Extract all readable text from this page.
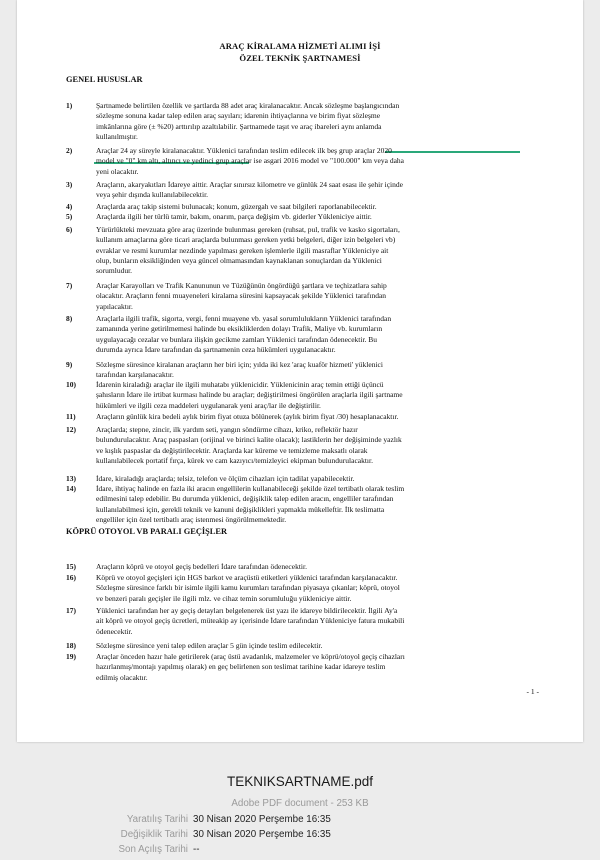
ARAÇ KİRALAMA HİZMETİ ALIMI İŞİ
ÖZEL TEKNİK ŞARTNAMESİ
GENEL HUSUSLAR
KÖPRÜ OTOYOL VB PARALI GEÇİŞLER
1)	Şartnamede belirtilen özellik ve şartlarda 88 adet araç kiralanacaktır. Ancak sözleşme başlangıcından
sözleşme sonuna kadar talep edilen araç sayıları; idarenin ihtiyaçlarına ve birim fiyat sözleşme
imkânlarına göre (± %20) arttırılıp azaltılabilir. Şartnamede taşıt ve araç ibareleri aynı anlamda
kullanılmıştır.
2)	Araçlar 24 ay süreyle kiralanacaktır. Yüklenici tarafından teslim edilecek ilk beş grup araçlar 2020
model ve "0" km altı, altıncı ve yedinci grup araçlar ise asgari 2016 model ve "100.000" km veya daha
yeni olacaktır.
3)	Araçların, akaryakıtları İdareye aittir. Araçlar sınırsız kilometre ve günlük 24 saat esası ile şehir içinde
veya şehir dışında kullanılabilecektir.
4)	Araçlarda araç takip sistemi bulunacak; konum, güzergah ve saat bilgileri raporlanabilecektir.
5)	Araçlarda ilgili her türlü tamir, bakım, onarım, parça değişim vb. giderler Yükleniciye aittir.
6)	Yürürlükteki mevzuata göre araç üzerinde bulunması gereken (ruhsat, pul, trafik ve kasko sigortaları,
kullanım amaçlarına göre ticari araçlarda bulunması gereken yetki belgeleri, diğer izin belgeleri vb)
evraklar ve resmi kurumlar nezdinde yapılması gereken işlemlerle ilgili masraflar Yükleniciye ait
olup, bunların eksikliğinden veya güncel olmamasından kaynaklanan sonuçlardan da Yüklenici
sorumludur.
7)	Araçlar Karayolları ve Trafik Kanununun ve Tüzüğünün öngördüğü şartlara ve teçhizatlara sahip
olacaktır. Araçların fenni muayeneleri kiralama süresini kapsayacak şekilde Yüklenici tarafından
yapılacaktır.
8)	Araçlarla ilgili trafik, sigorta, vergi, fenni muayene vb. yasal sorumlulukların Yüklenici tarafından
zamanında yerine getirilmemesi halinde bu eksikliklerden dolayı Trafik, Maliye vb. kurumların
uygulayacağı cezalar ve bunlara ilişkin gecikme zamları Yüklenici tarafından ödenecektir. Bu
durumda ayrıca İdare tarafından da şartnamenin ceza hükümleri uygulanacaktır.
9)	Sözleşme süresince kiralanan araçların her biri için; yılda iki kez 'araç kuaför hizmeti' yüklenici
tarafından karşılanacaktır.
10)	İdarenin kiraladığı araçlar ile ilgili muhatabı yüklenicidir. Yüklenicinin araç temin ettiği üçüncü
şahısların İdare ile irtibat kurması halinde bu araçlar; değiştirilmesi öngörülen araçlarla ilgili şartname
hükümleri ve ilgili ceza maddeleri uygulanarak yeni araç/lar ile değiştirilir.
11)	Araçların günlük kira bedeli aylık birim fiyat otuza bölünerek (aylık birim fiyat /30) hesaplanacaktır.
12)	Araçlarda; stepne, zincir, ilk yardım seti, yangın söndürme cihazı, kriko, reflektör hazır
bulundurulacaktır. Araç paspasları (orijinal ve birinci kalite olacak); lastiklerin her değişiminde yazlık
ve kışlık paspaslar da değiştirilecektir. Araçlarda kar küreme ve temizleme maksatlı olarak
kullanılabilecek portatif fırça, kürek ve cam kazıyıcı/temizleyici ekipman bulundurulacaktır.
13)	İdare, kiraladığı araçlarda; telsiz, telefon ve ölçüm cihazları için tadilat yapabilecektir.
14)	İdare, ihtiyaç halinde en fazla iki aracın engellilerin kullanabileceği şekilde özel tertibatlı olarak teslim
edilmesini talep edebilir. Bu durumda yüklenici, değişiklik talep edilen aracın, engelliler tarafından
kullanılabilmesi için, gerekli teknik ve kanuni değişiklikleri yapmakla mükelleftir. İlk teslimatta
engelliler için özel tertibatlı araç istenmesi öngörülmemektedir.
15)	Araçların köprü ve otoyol geçiş bedelleri İdare tarafından ödenecektir.
16)	Köprü ve otoyol geçişleri için HGS barkot ve araçüstü etiketleri yüklenici tarafından karşılanacaktır.
Sözleşme süresince farklı bir isimle ilgili kamu kurumları tarafından piyasaya çıkanlar; köprü, otoyol
ve benzeri paralı geçişler ile ilgili mlz. ve cihaz temin sorumluluğu yükleniciye aittir.
17)	Yüklenici tarafından her ay geçiş detayları belgelenerek üst yazı ile idareye bildirilecektir. İlgili Ay'a
ait köprü ve otoyol geçiş ücretleri, müteakip ay içerisinde İdare tarafından Yükleniciye fatura mukabili
ödenecektir.
18)	Sözleşme süresince yeni talep edilen araçlar 5 gün içinde teslim edilecektir.
19)	Araçlar önceden hazır hale getirilerek (araç üstü avadanlık, malzemeler ve köprü/otoyol geçiş cihazları
hazırlanmış/montajı yapılmış olarak) en geç belirlenen son teslimat tarihine kadar idareye teslim
edilmiş olacaktır.
- 1 -
TEKNIKSARTNAME.pdf
Adobe PDF document - 253 KB
Yaratılış Tarihi 30 Nisan 2020 Perşembe 16:35
Değişiklik Tarihi 30 Nisan 2020 Perşembe 16:35
Son Açılış Tarihi --
